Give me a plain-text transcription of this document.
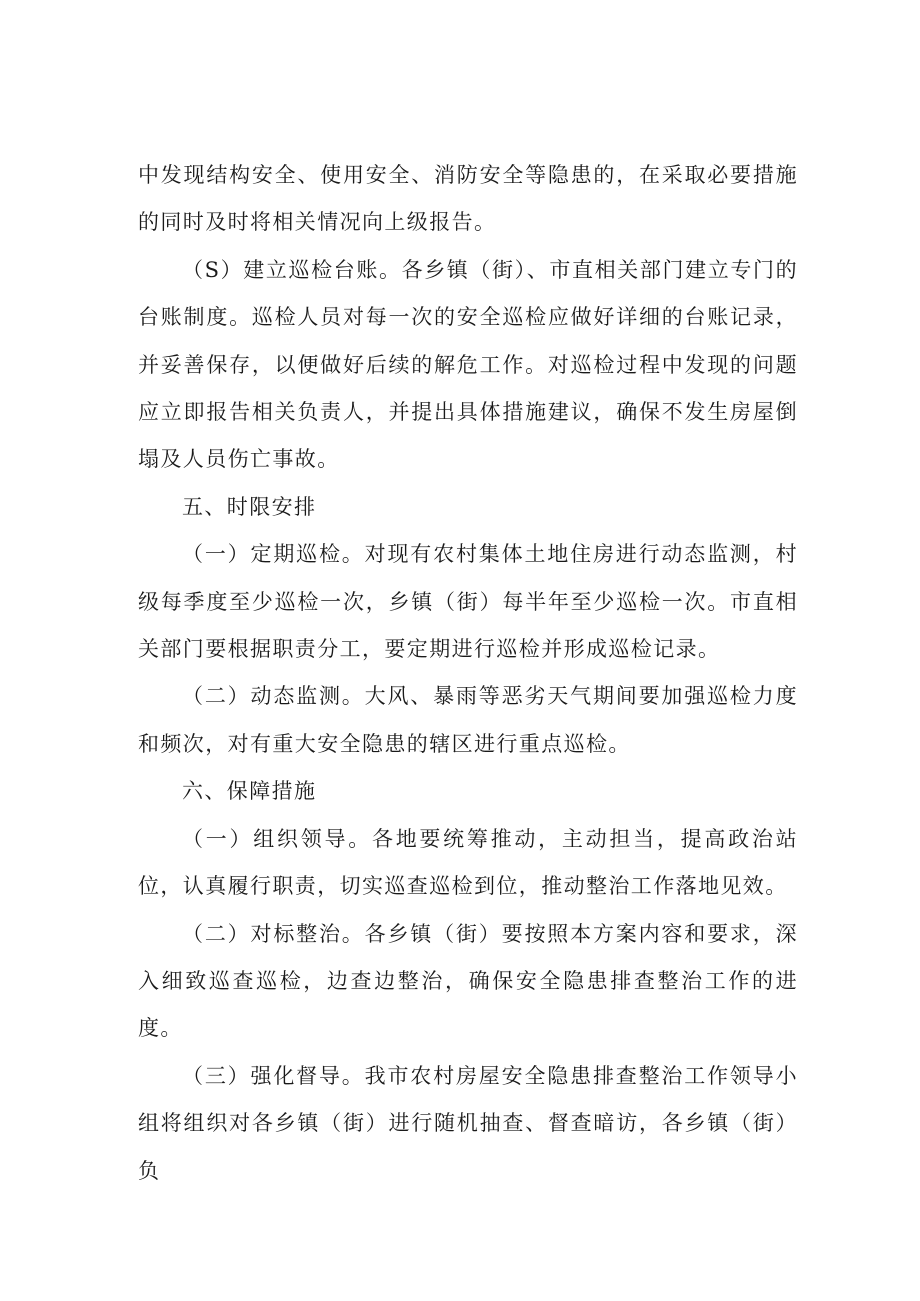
中发现结构安全、使用安全、消防安全等隐患的，在采取必要措施的同时及时将相关情况向上级报告。

（S）建立巡检台账。各乡镇（街）、市直相关部门建立专门的台账制度。巡检人员对每一次的安全巡检应做好详细的台账记录，并妥善保存，以便做好后续的解危工作。对巡检过程中发现的问题应立即报告相关负责人，并提出具体措施建议，确保不发生房屋倒塌及人员伤亡事故。

五、时限安排

（一）定期巡检。对现有农村集体土地住房进行动态监测，村级每季度至少巡检一次，乡镇（街）每半年至少巡检一次。市直相关部门要根据职责分工，要定期进行巡检并形成巡检记录。

（二）动态监测。大风、暴雨等恶劣天气期间要加强巡检力度和频次，对有重大安全隐患的辖区进行重点巡检。

六、保障措施

（一）组织领导。各地要统筹推动，主动担当，提高政治站位，认真履行职责，切实巡查巡检到位，推动整治工作落地见效。

（二）对标整治。各乡镇（街）要按照本方案内容和要求，深入细致巡查巡检，边查边整治，确保安全隐患排查整治工作的进度。

（三）强化督导。我市农村房屋安全隐患排查整治工作领导小组将组织对各乡镇（街）进行随机抽查、督查暗访，各乡镇（街）负
